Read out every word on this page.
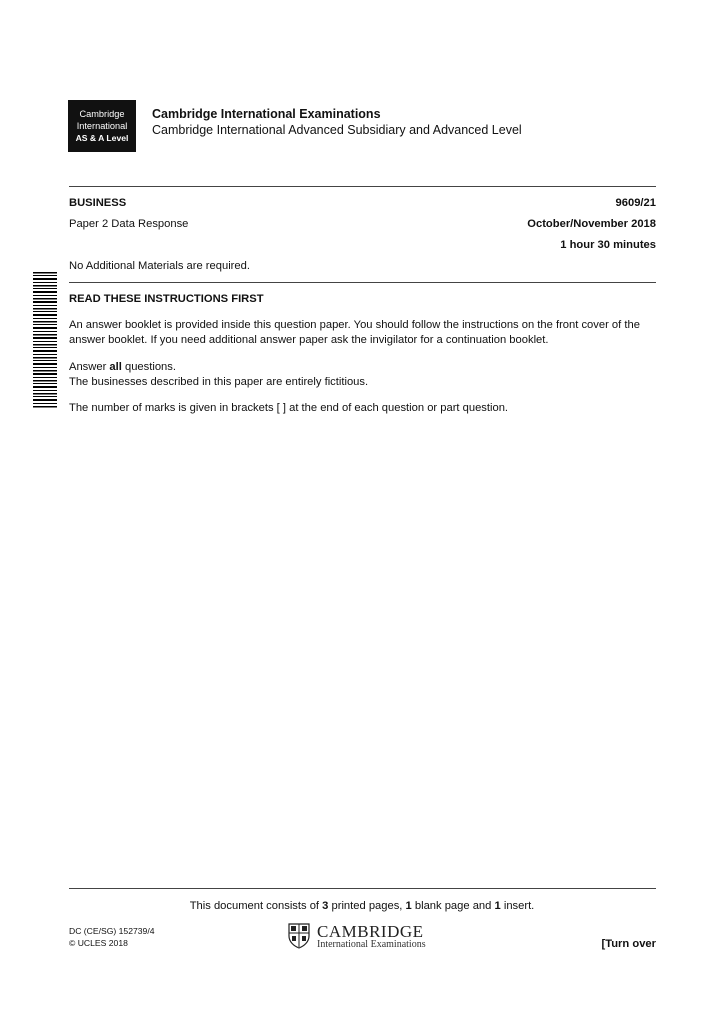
Cambridge
International
AS & A Level
Cambridge International Examinations
Cambridge International Advanced Subsidiary and Advanced Level
BUSINESS	9609/21
Paper 2 Data Response	October/November 2018
1 hour 30 minutes
No Additional Materials are required.
READ THESE INSTRUCTIONS FIRST
An answer booklet is provided inside this question paper. You should follow the instructions on the front cover of the answer booklet. If you need additional answer paper ask the invigilator for a continuation booklet.
Answer all questions.
The businesses described in this paper are entirely fictitious.
The number of marks is given in brackets [ ] at the end of each question or part question.
This document consists of 3 printed pages, 1 blank page and 1 insert.
DC (CE/SG) 152739/4
© UCLES 2018
CAMBRIDGE
International Examinations	[Turn over
